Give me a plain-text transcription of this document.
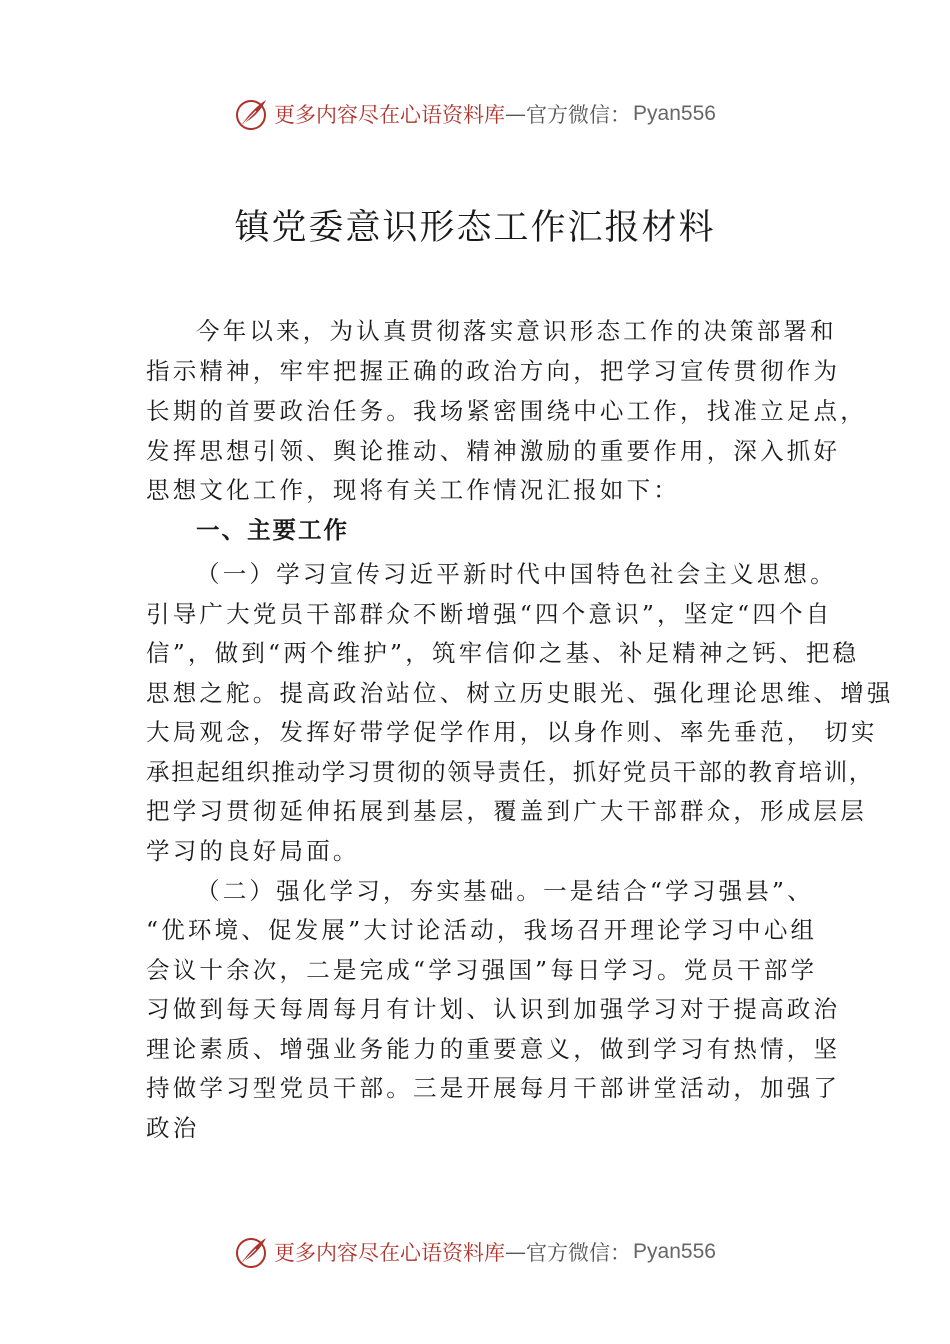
更多内容尽在心语资料库 — 官方微信： Pyan556
镇党委意识形态工作汇报材料
今年以来，为认真贯彻落实意识形态工作的决策部署和
指示精神，牢牢把握正确的政治方向，把学习宣传贯彻作为
长期的首要政治任务。我场紧密围绕中心工作，找准立足点，
发挥思想引领、舆论推动、精神激励的重要作用，深入抓好
思想文化工作，现将有关工作情况汇报如下：
一、主要工作
（一）学习宣传习近平新时代中国特色社会主义思想。
引导广大党员干部群众不断增强“四个意识”，坚定“四个自
信”，做到“两个维护”，筑牢信仰之基、补足精神之钙、把稳
思想之舵。提高政治站位、树立历史眼光、强化理论思维、增强
大局观念，发挥好带学促学作用，以身作则、率先垂范， 切实
承担起组织推动学习贯彻的领导责任，抓好党员干部的教育培训，
把学习贯彻延伸拓展到基层，覆盖到广大干部群众，形成层层
学习的良好局面。
（二）强化学习，夯实基础。一是结合“学习强县”、
“优环境、促发展”大讨论活动，我场召开理论学习中心组
会议十余次，二是完成“学习强国”每日学习。党员干部学
习做到每天每周每月有计划、认识到加强学习对于提高政治
理论素质、增强业务能力的重要意义，做到学习有热情，坚
持做学习型党员干部。三是开展每月干部讲堂活动，加强了
政治
更多内容尽在心语资料库 — 官方微信： Pyan556
